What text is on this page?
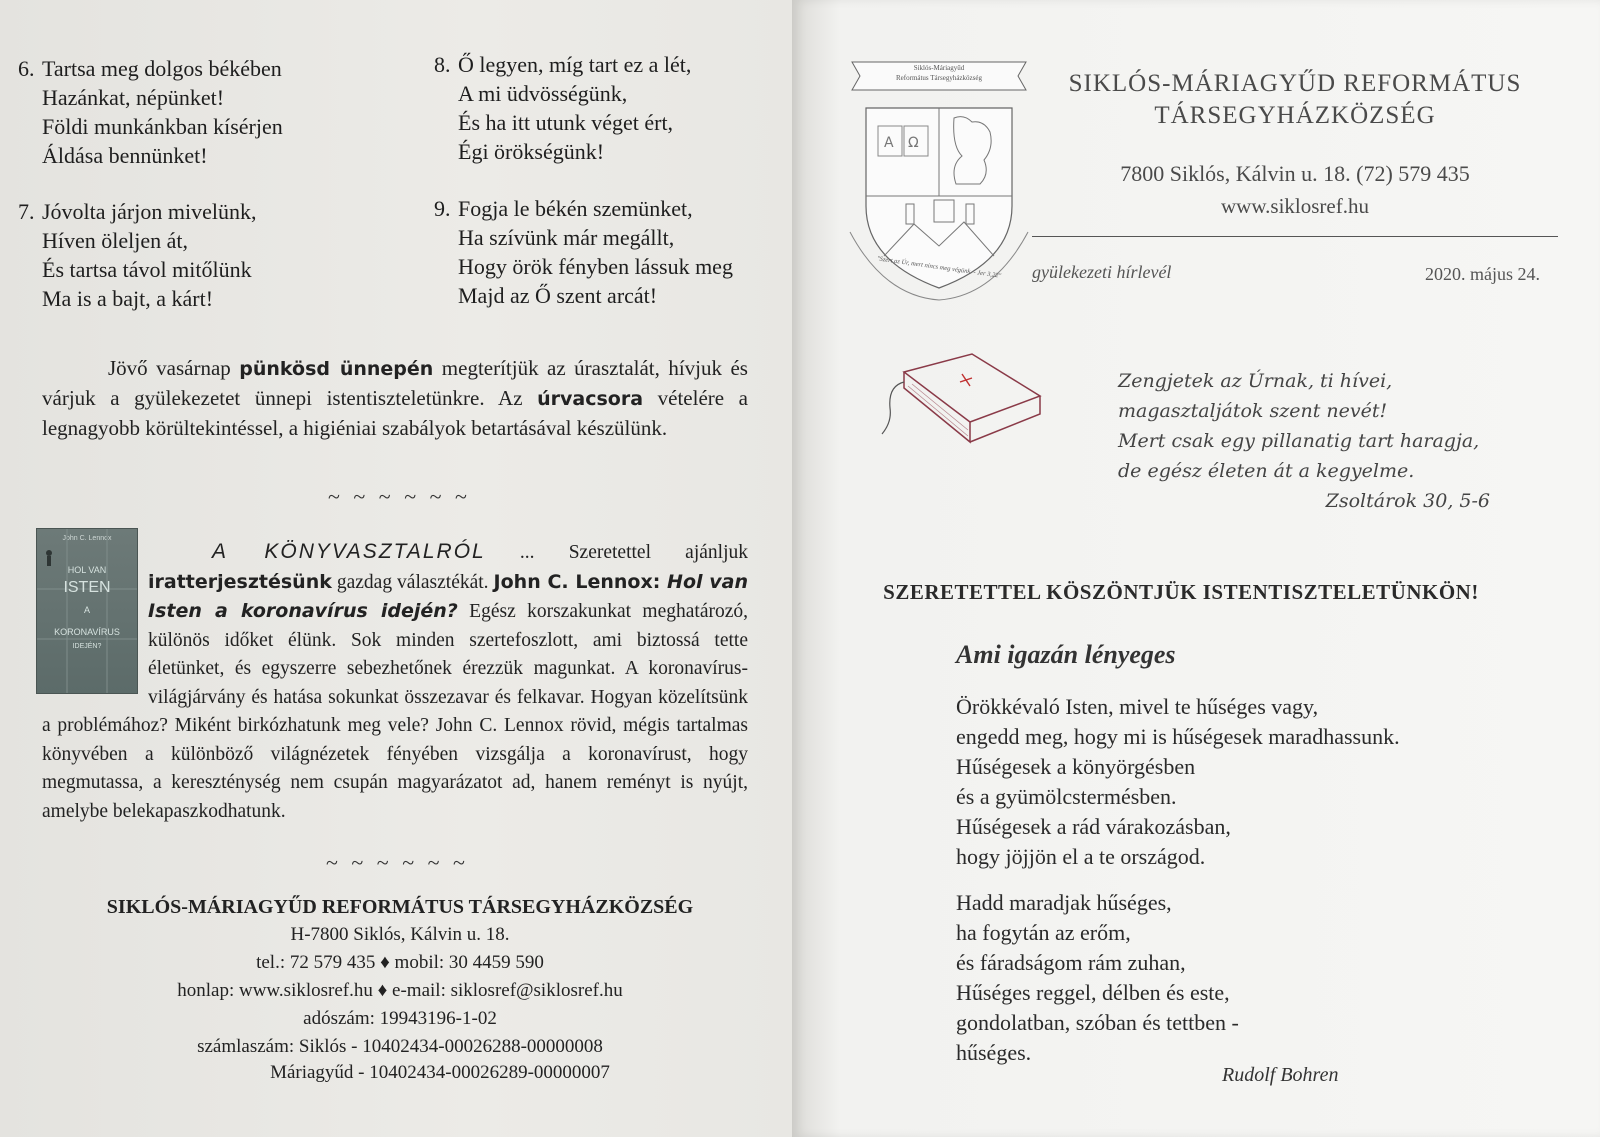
6. Tartsa meg dolgos békében
Hazánkat, népünket!
Földi munkánkban kísérjen
Áldása bennünket!
7. Jóvolta járjon mivelünk,
Híven öleljen át,
És tartsa távol mitőlünk
Ma is a bajt, a kárt!
8. Ő legyen, míg tart ez a lét,
A mi üdvösségünk,
És ha itt utunk véget ért,
Égi örökségünk!
9. Fogja le békén szemünket,
Ha szívünk már megállt,
Hogy örök fényben lássuk meg
Majd az Ő szent arcát!
Jövő vasárnap pünkösd ünnepén megterítjük az úrasztalát, hívjuk és várjuk a gyülekezetet ünnepi istentiszteletünkre. Az úrvacsora vételére a legnagyobb körültekintéssel, a higiéniai szabályok betartásával készülünk.
~ ~ ~ ~ ~ ~
John C. Lennox
HOL VAN
ISTEN
A
KORONAVÍRUS
IDEJÉN?
A KÖNYVASZTALRÓL ... Szeretettel ajánljuk iratterjesztésünk gazdag választékát. John C. Lennox: Hol van Isten a koronavírus idején? Egész korszakunkat meghatározó, különös időket élünk. Sok minden szertefoszlott, ami biztossá tette életünket, és egyszerre sebezhetőnek érezzük magunkat. A koronavírus-világjárvány és hatása sokunkat összezavar és felkavar. Hogyan közelítsünk a problémához? Miként birkózhatunk meg vele? John C. Lennox rövid, mégis tartalmas könyvében a különböző világnézetek fényében vizsgálja a koronavírust, hogy megmutassa, a kereszténység nem csupán magyarázatot ad, hanem reményt is nyújt, amelybe belekapaszkodhatunk.
~ ~ ~ ~ ~ ~
SIKLÓS-MÁRIAGYŰD REFORMÁTUS TÁRSEGYHÁZKÖZSÉG
H-7800 Siklós, Kálvin u. 18.
tel.: 72 579 435 ♦ mobil: 30 4459 590
honlap: www.siklosref.hu ♦ e-mail: siklosref@siklosref.hu
adószám: 19943196-1-02
számlaszám: Siklós - 10402434-00026288-00000008
Máriagyűd - 10402434-00026289-00000007
A Ω
Siklós-Máriagyűd
Református Társegyházközség
"Szert az Úr, mert nincs meg végünk. - Jer 3,22"
SIKLÓS-MÁRIAGYŰD REFORMÁTUS
TÁRSEGYHÁZKÖZSÉG
7800 Siklós, Kálvin u. 18. (72) 579 435
www.siklosref.hu
gyülekezeti hírlevél	2020. május 24.
Zengjetek az Úrnak, ti hívei,
magasztaljátok szent nevét!
Mert csak egy pillanatig tart haragja,
de egész életen át a kegyelme.
Zsoltárok 30, 5-6
SZERETETTEL KÖSZÖNTJÜK ISTENTISZTELETÜNKÖN!
Ami igazán lényeges
Örökkévaló Isten, mivel te hűséges vagy,
engedd meg, hogy mi is hűségesek maradhassunk.
Hűségesek a könyörgésben
és a gyümölcstermésben.
Hűségesek a rád várakozásban,
hogy jöjjön el a te országod.
Hadd maradjak hűséges,
ha fogytán az erőm,
és fáradságom rám zuhan,
Hűséges reggel, délben és este,
gondolatban, szóban és tettben -
hűséges.
Rudolf Bohren
